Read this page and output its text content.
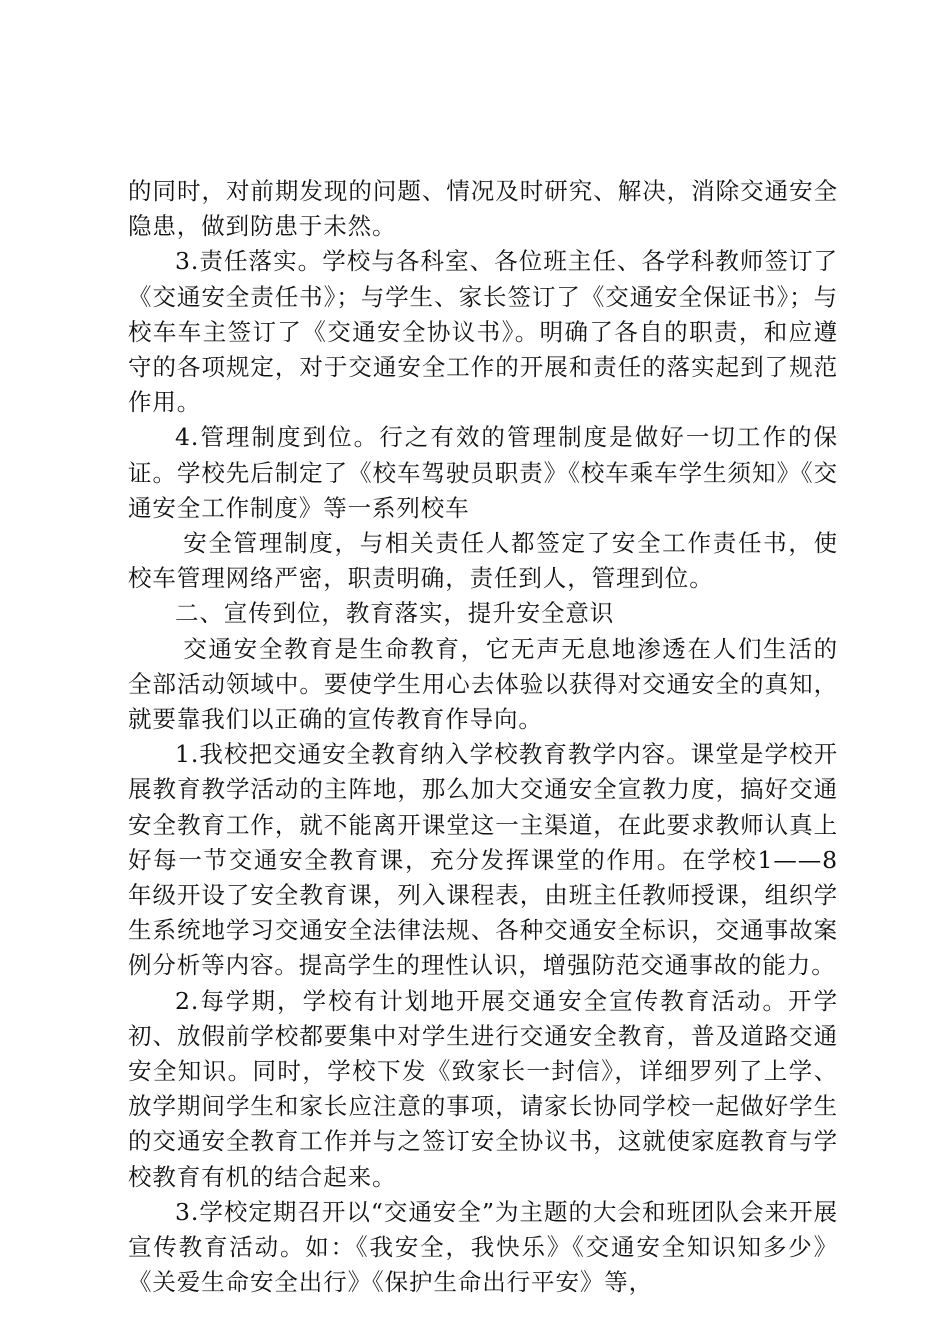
的同时，对前期发现的问题、情况及时研究、解决，消除交通安全隐患，做到防患于未然。

3.责任落实。学校与各科室、各位班主任、各学科教师签订了《交通安全责任书》；与学生、家长签订了《交通安全保证书》；与校车车主签订了《交通安全协议书》。明确了各自的职责，和应遵守的各项规定，对于交通安全工作的开展和责任的落实起到了规范作用。

4.管理制度到位。行之有效的管理制度是做好一切工作的保证。学校先后制定了《校车驾驶员职责》《校车乘车学生须知》《交通安全工作制度》等一系列校车

安全管理制度，与相关责任人都签定了安全工作责任书，使校车管理网络严密，职责明确，责任到人，管理到位。

二、宣传到位，教育落实，提升安全意识

交通安全教育是生命教育，它无声无息地渗透在人们生活的全部活动领域中。要使学生用心去体验以获得对交通安全的真知，就要靠我们以正确的宣传教育作导向。

1.我校把交通安全教育纳入学校教育教学内容。课堂是学校开展教育教学活动的主阵地，那么加大交通安全宣教力度，搞好交通安全教育工作，就不能离开课堂这一主渠道，在此要求教师认真上好每一节交通安全教育课，充分发挥课堂的作用。在学校1——8年级开设了安全教育课，列入课程表，由班主任教师授课，组织学生系统地学习交通安全法律法规、各种交通安全标识，交通事故案例分析等内容。提高学生的理性认识，增强防范交通事故的能力。

2.每学期，学校有计划地开展交通安全宣传教育活动。开学初、放假前学校都要集中对学生进行交通安全教育，普及道路交通安全知识。同时，学校下发《致家长一封信》，详细罗列了上学、放学期间学生和家长应注意的事项，请家长协同学校一起做好学生的交通安全教育工作并与之签订安全协议书，这就使家庭教育与学校教育有机的结合起来。

3.学校定期召开以“交通安全”为主题的大会和班团队会来开展宣传教育活动。如：《我安全，我快乐》《交通安全知识知多少》《关爱生命安全出行》《保护生命出行平安》等，
